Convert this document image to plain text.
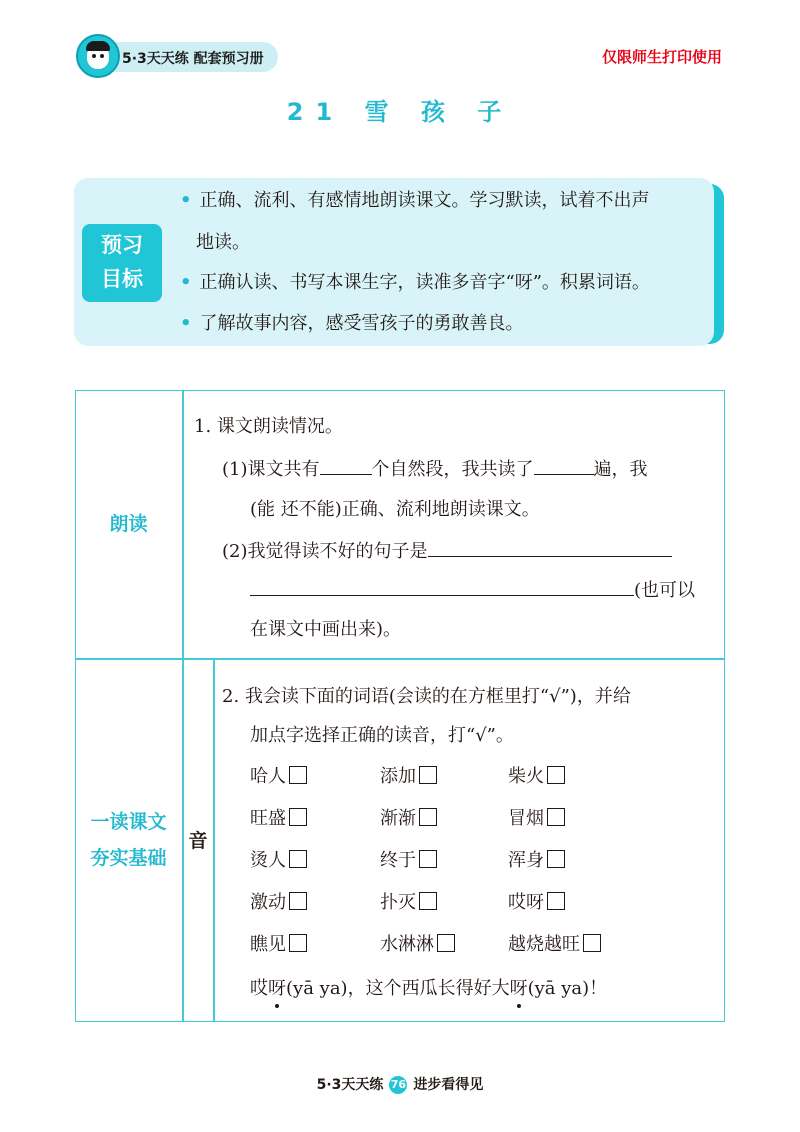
5·3天天练 配套预习册	仅限师生打印使用
21 雪 孩 子
预习
目标
• 正确、流利、有感情地朗读课文。学习默读，试着不出声
地读。
• 正确认读、书写本课生字，读准多音字“呀”。积累词语。
• 了解故事内容，感受雪孩子的勇敢善良。
朗读
1. 课文朗读情况。
(1)课文共有	个自然段，我共读了	遍，我
(能 还不能)正确、流利地朗读课文。
(2)我觉得读不好的句子是
(也可以
在课文中画出来)。
一读课文
夯实基础
音
2. 我会读下面的词语(会读的在方框里打“√”)，并给
加点字选择正确的读音，打“√”。
哈人	添加	柴火
旺盛	渐渐	冒烟
烫人	终于	浑身
激动	扑灭	哎呀
瞧见	水淋淋	越烧越旺
哎呀(yā ya)，这个西瓜长得好大呀(yā ya)！
5·3天天练 76 进步看得见
